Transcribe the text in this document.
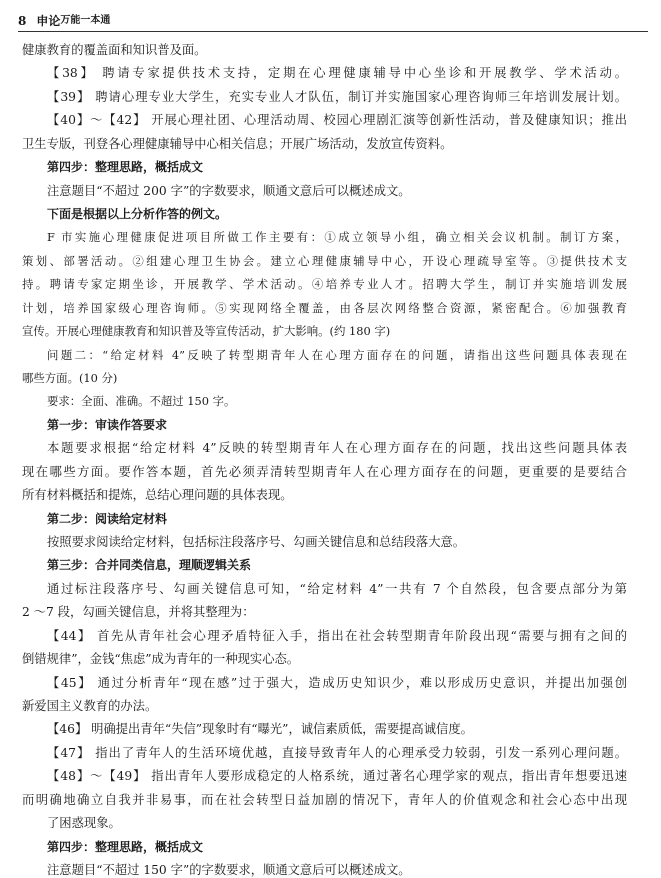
8 申论 万能一本通
健康教育的覆盖面和知识普及面。
【38】 聘请专家提供技术支持，定期在心理健康辅导中心坐诊和开展教学、学术活动。
【39】 聘请心理专业大学生，充实专业人才队伍，制订并实施国家心理咨询师三年培训发展计划。
【40】～【42】 开展心理社团、心理活动周、校园心理剧汇演等创新性活动，普及健康知识；推出
卫生专版，刊登各心理健康辅导中心相关信息；开展广场活动，发放宣传资料。
第四步：整理思路，概括成文
注意题目“不超过 200 字”的字数要求，顺通文意后可以概述成文。
下面是根据以上分析作答的例文。
F 市实施心理健康促进项目所做工作主要有：①成立领导小组，确立相关会议机制。制订方案，
策划、部署活动。②组建心理卫生协会。建立心理健康辅导中心，开设心理疏导室等。③提供技术支
持。聘请专家定期坐诊，开展教学、学术活动。④培养专业人才。招聘大学生，制订并实施培训发展
计划，培养国家级心理咨询师。⑤实现网络全覆盖，由各层次网络整合资源，紧密配合。⑥加强教育
宣传。开展心理健康教育和知识普及等宣传活动，扩大影响。(约 180 字)
问题二：“给定材料 4”反映了转型期青年人在心理方面存在的问题，请指出这些问题具体表现在
哪些方面。(10 分)
要求：全面、准确。不超过 150 字。
第一步：审读作答要求
本题要求根据“给定材料 4”反映的转型期青年人在心理方面存在的问题，找出这些问题具体表
现在哪些方面。要作答本题，首先必须弄清转型期青年人在心理方面存在的问题，更重要的是要结合
所有材料概括和提炼，总结心理问题的具体表现。
第二步：阅读给定材料
按照要求阅读给定材料，包括标注段落序号、勾画关键信息和总结段落大意。
第三步：合并同类信息，理顺逻辑关系
通过标注段落序号、勾画关键信息可知，“给定材料 4”一共有 7 个自然段，包含要点部分为第
2 ～7 段，勾画关键信息，并将其整理为：
【44】 首先从青年社会心理矛盾特征入手，指出在社会转型期青年阶段出现“需要与拥有之间的
倒错规律”，金钱“焦虑”成为青年的一种现实心态。
【45】 通过分析青年“现在感”过于强大，造成历史知识少，难以形成历史意识，并提出加强创
新爱国主义教育的办法。
【46】 明确提出青年“失信”现象时有“曝光”，诚信素质低，需要提高诚信度。
【47】 指出了青年人的生活环境优越，直接导致青年人的心理承受力较弱，引发一系列心理问题。
【48】～【49】 指出青年人要形成稳定的人格系统，通过著名心理学家的观点，指出青年想要迅速
而明确地确立自我并非易事，而在社会转型日益加剧的情况下，青年人的价值观念和社会心态中出现
了困惑现象。
第四步：整理思路，概括成文
注意题目“不超过 150 字”的字数要求，顺通文意后可以概述成文。
